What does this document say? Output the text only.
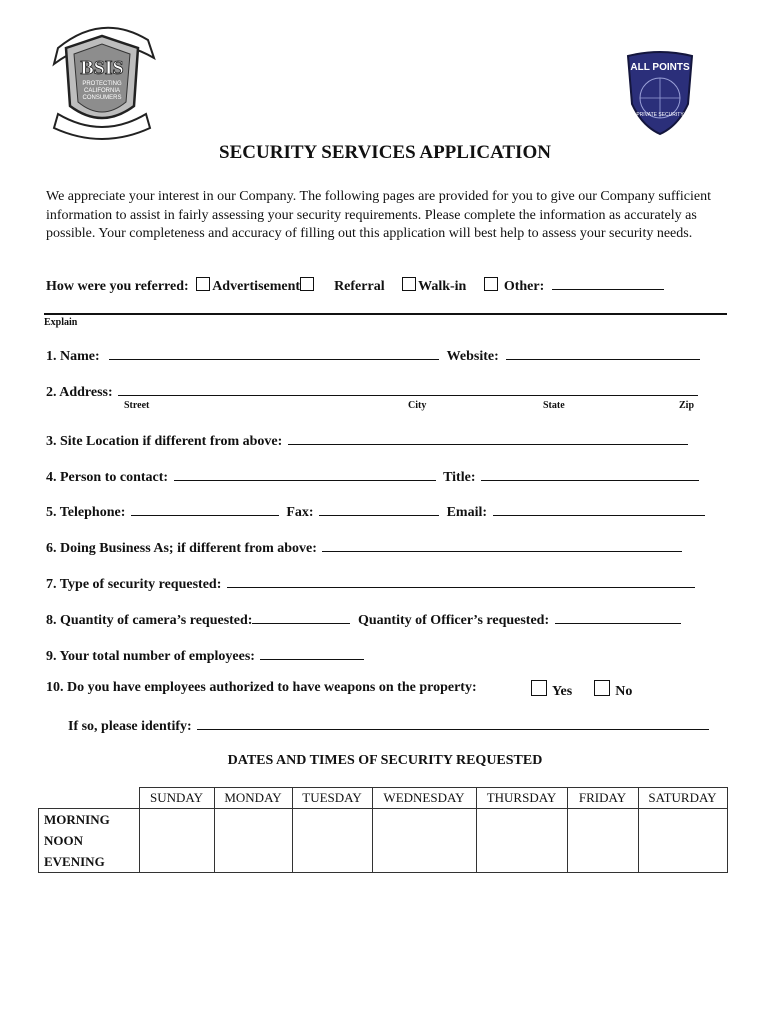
BSIS
PROTECTING
CALIFORNIA
CONSUMERS
ALL POINTS
PRIVATE SECURITY
SECURITY SERVICES APPLICATION
We appreciate your interest in our Company. The following pages are provided for you to give our Company sufficient information to assist in fairly assessing your security requirements. Please complete the information as accurately as possible. Your completeness and accuracy of filling out this application will best help to assess your security needs.
How were you referred: Advertisement Referral Walk-in	Other:
Explain
1. Name:	Website:
2. Address:
Street	City	State	Zip
3. Site Location if different from above:
4. Person to contact:	Title:
5. Telephone:	Fax:	Email:
6. Doing Business As; if different from above:
7. Type of security requested:
8. Quantity of camera’s requested:	Quantity of Officer’s requested:
9. Your total number of employees:
10. Do you have employees authorized to have weapons on the property:	Yes	No
If so, please identify:
DATES AND TIMES OF SECURITY REQUESTED
	SUNDAY	MONDAY	TUESDAY	WEDNESDAY	THURSDAY	FRIDAY	SATURDAY

MORNING
NOON
EVENING							
